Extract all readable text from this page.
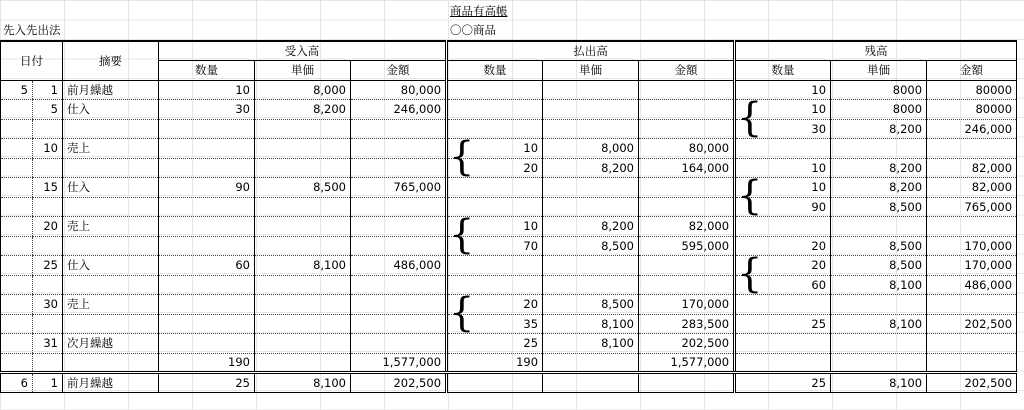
商品有高帳
先入先出法	〇〇商品
日付		摘要	受入高			払出高			残高		
			数量	単価	金額	数量	単価	金額	数量	単価	金額
5	1	前月繰越	10	8,000	80,000				10	8000	80000
	5	仕入	30	8,200	246,000				{ 10	8000	80000
									30	8,200	246,000
	10	売上				{ 10	8,000	80,000			
						20	8,200	164,000	10	8,200	82,000
	15	仕入	90	8,500	765,000				{ 10	8,200	82,000
									90	8,500	765,000
	20	売上				{ 10	8,200	82,000			
						70	8,500	595,000	20	8,500	170,000
	25	仕入	60	8,100	486,000				{ 20	8,500	170,000
									60	8,100	486,000
	30	売上				{ 20	8,500	170,000			
						35	8,100	283,500	25	8,100	202,500
	31	次月繰越				25	8,100	202,500			
			190		1,577,000	190		1,577,000			
6	1	前月繰越	25	8,100	202,500				25	8,100	202,500
